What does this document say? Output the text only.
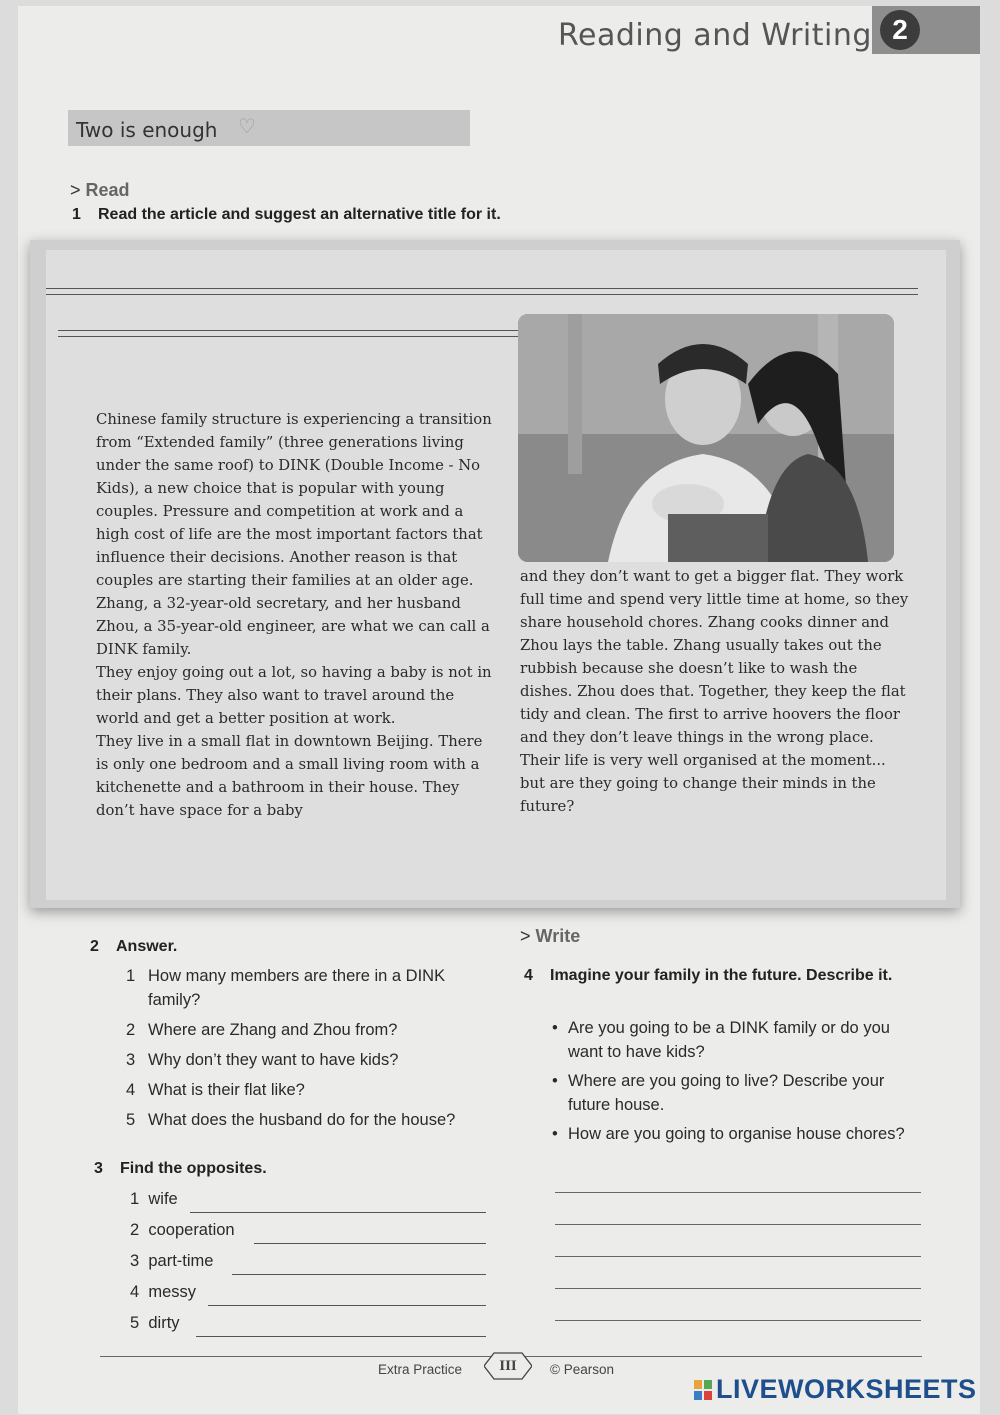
Reading and Writing 2
Two is enough ♡
> Read
1 Read the article and suggest an alternative title for it.

Chinese family structure is experiencing a transition from “Extended family” (three generations living under the same roof) to DINK (Double Income - No Kids), a new choice that is popular with young couples. Pressure and competition at work and a high cost of life are the most important factors that influence their decisions. Another reason is that couples are starting their families at an older age.

Zhang, a 32-year-old secretary, and her husband Zhou, a 35-year-old engineer, are what we can call a DINK family.

They enjoy going out a lot, so having a baby is not in their plans. They also want to travel around the world and get a better position at work.

They live in a small flat in downtown Beijing. There is only one bedroom and a small living room with a kitchenette and a bathroom in their house. They don’t have space for a baby

and they don’t want to get a bigger flat. They work full time and spend very little time at home, so they share household chores. Zhang cooks dinner and Zhou lays the table. Zhang usually takes out the rubbish because she doesn’t like to wash the dishes. Zhou does that. Together, they keep the flat tidy and clean. The first to arrive hoovers the floor and they don’t leave things in the wrong place.

Their life is very well organised at the moment... but are they going to change their minds in the future?

2 Answer.
1 How many members are there in a DINK family?
2 Where are Zhang and Zhou from?
3 Why don’t they want to have kids?
4 What is their flat like?
5 What does the husband do for the house?
3 Find the opposites.
1 wife
2 cooperation
3 part-time
4 messy
5 dirty
> Write
4	Imagine your family in the future. Describe it.
• Are you going to be a DINK family or do you want to have kids?
• Where are you going to live? Describe your future house.
• How are you going to organise house chores?
Extra Practice	III	© Pearson
LIVEWORKSHEETS
